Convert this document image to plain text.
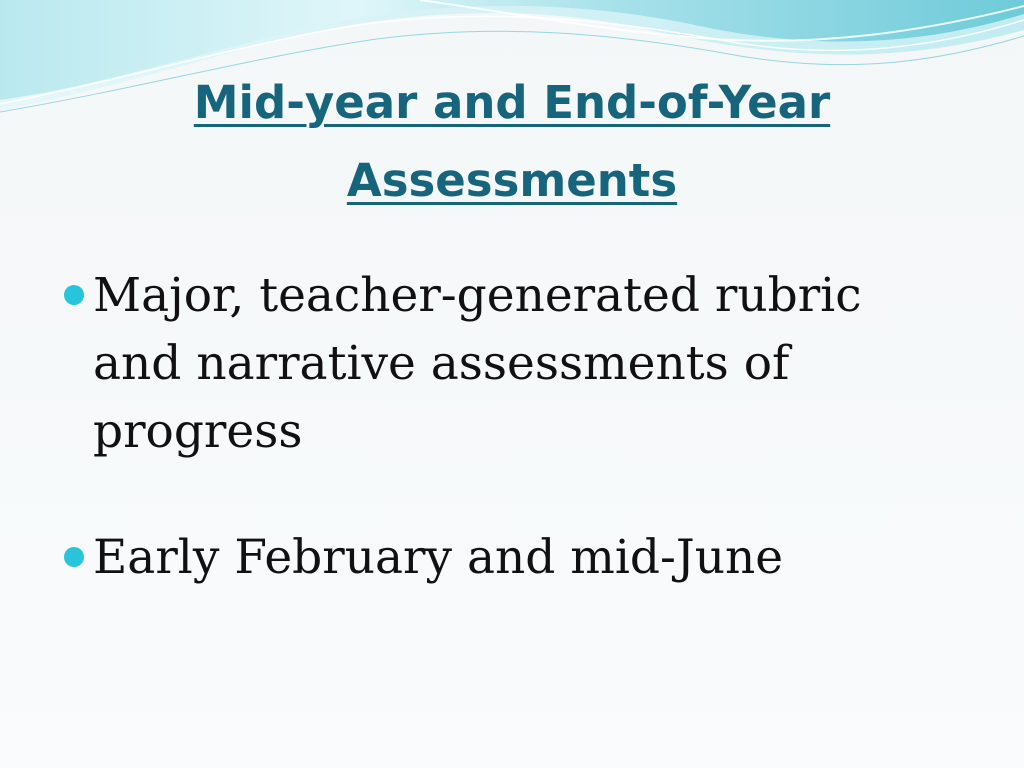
Mid-year and End-of-Year Assessments
Major, teacher-generated rubric and narrative assessments of progress
Early February and mid-June
